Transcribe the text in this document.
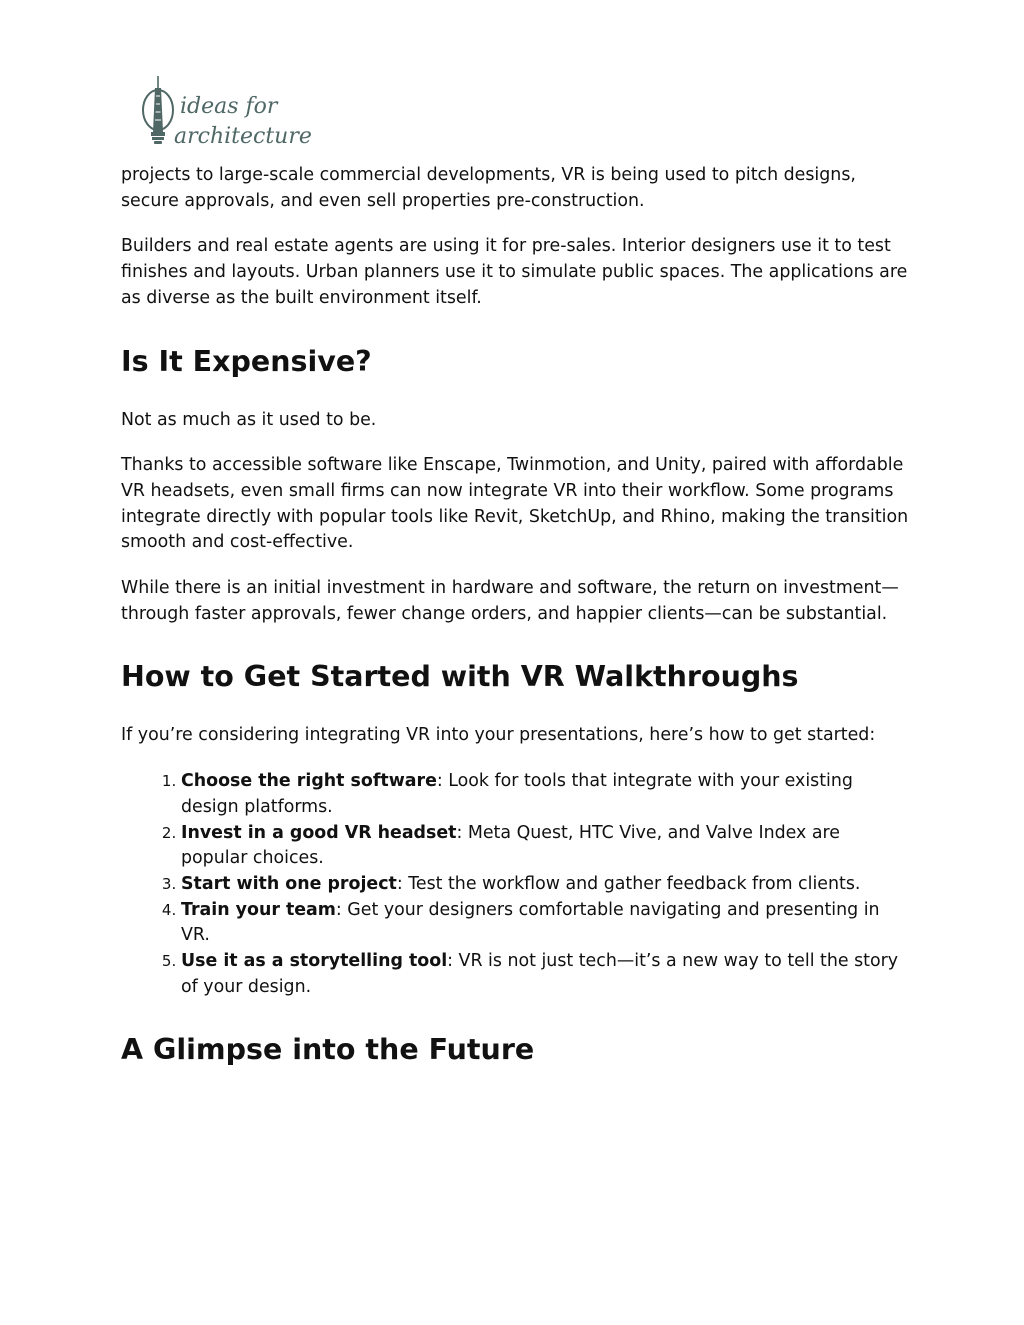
ideas for
architecture

projects to large-scale commercial developments, VR is being used to pitch designs, secure approvals, and even sell properties pre-construction.

Builders and real estate agents are using it for pre-sales. Interior designers use it to test finishes and layouts. Urban planners use it to simulate public spaces. The applications are as diverse as the built environment itself.

Is It Expensive?

Not as much as it used to be.

Thanks to accessible software like Enscape, Twinmotion, and Unity, paired with affordable VR headsets, even small firms can now integrate VR into their workflow. Some programs integrate directly with popular tools like Revit, SketchUp, and Rhino, making the transition smooth and cost-effective.

While there is an initial investment in hardware and software, the return on investment—through faster approvals, fewer change orders, and happier clients—can be substantial.

How to Get Started with VR Walkthroughs

If you’re considering integrating VR into your presentations, here’s how to get started:

1. Choose the right software: Look for tools that integrate with your existing design platforms.
2. Invest in a good VR headset: Meta Quest, HTC Vive, and Valve Index are popular choices.
3. Start with one project: Test the workflow and gather feedback from clients.
4. Train your team: Get your designers comfortable navigating and presenting in VR.
5. Use it as a storytelling tool: VR is not just tech—it’s a new way to tell the story of your design.
A Glimpse into the Future
